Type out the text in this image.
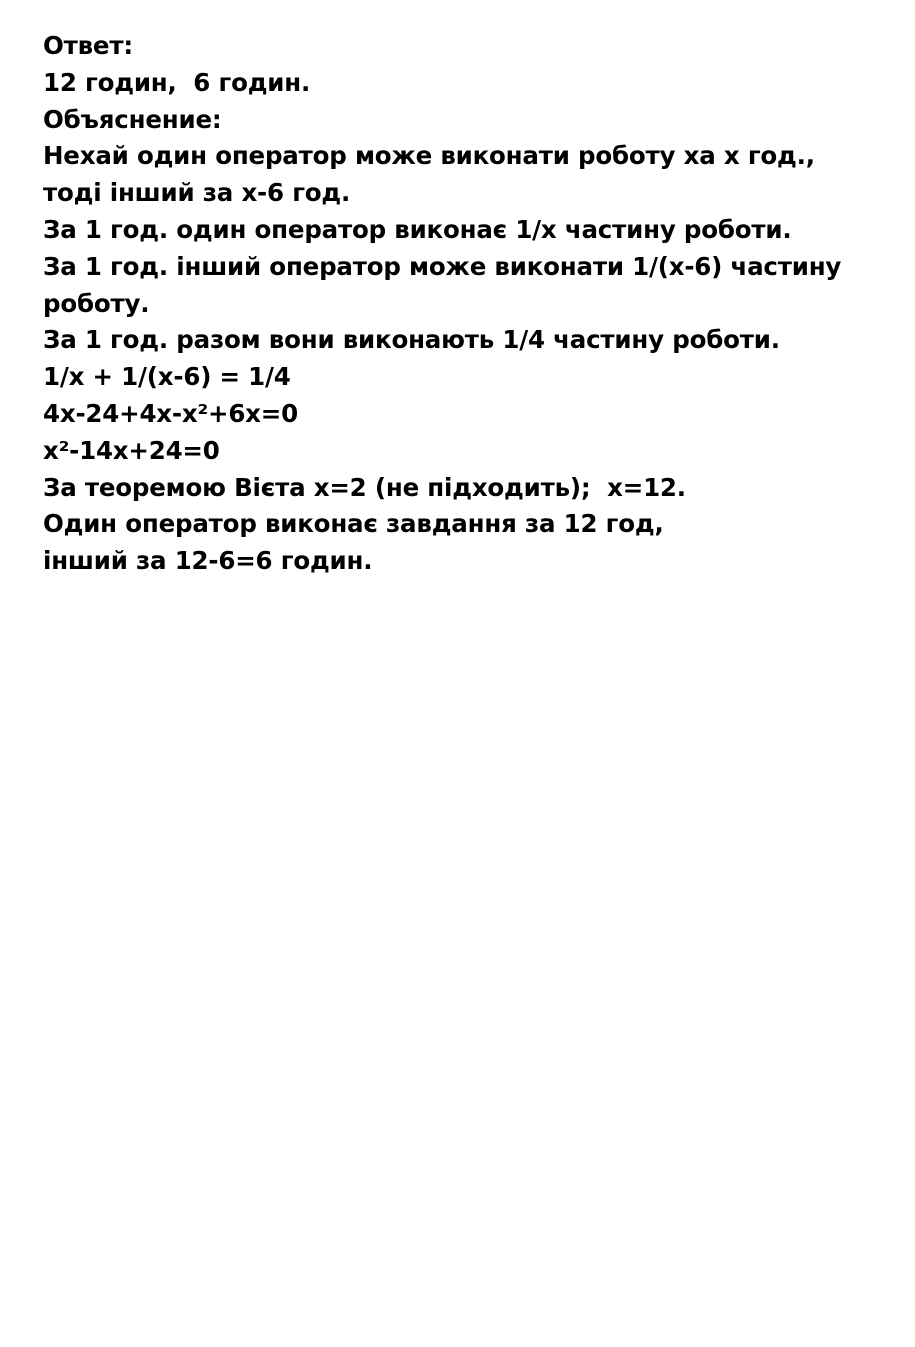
Ответ:
12 годин,  6 годин.
Объяснение:
Нехай один оператор може виконати роботу ха х год.,
тоді інший за х-6 год.
За 1 год. один оператор виконає 1/х частину роботи.
За 1 год. інший оператор може виконати 1/(х-6) частину
роботу.
За 1 год. разом вони виконають 1/4 частину роботи.
1/х + 1/(х-6) = 1/4
4х-24+4х-х²+6х=0
х²-14х+24=0
За теоремою Вієта х=2 (не підходить);  х=12.
Один оператор виконає завдання за 12 год,
інший за 12-6=6 годин.
